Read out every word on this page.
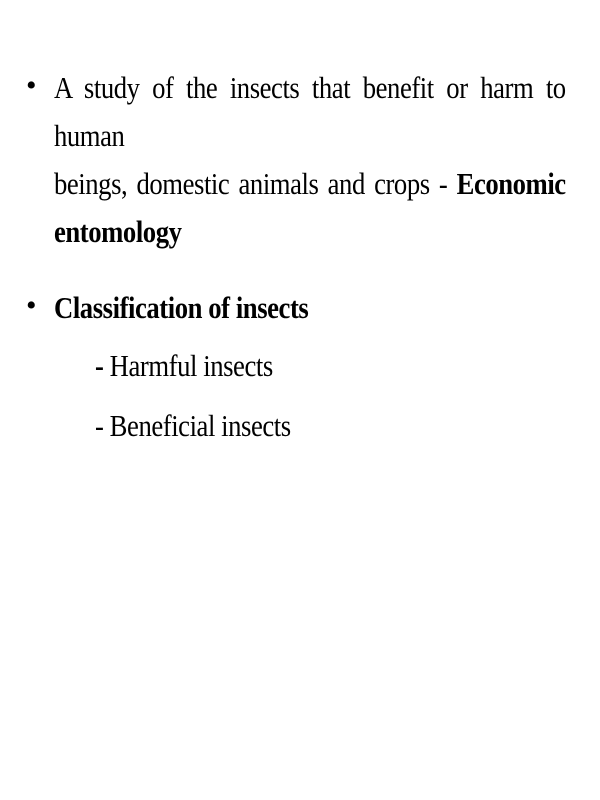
• A study of the insects that benefit or harm to human
beings, domestic animals and crops - Economic
entomology
• Classification of insects
- Harmful insects
- Beneficial insects
